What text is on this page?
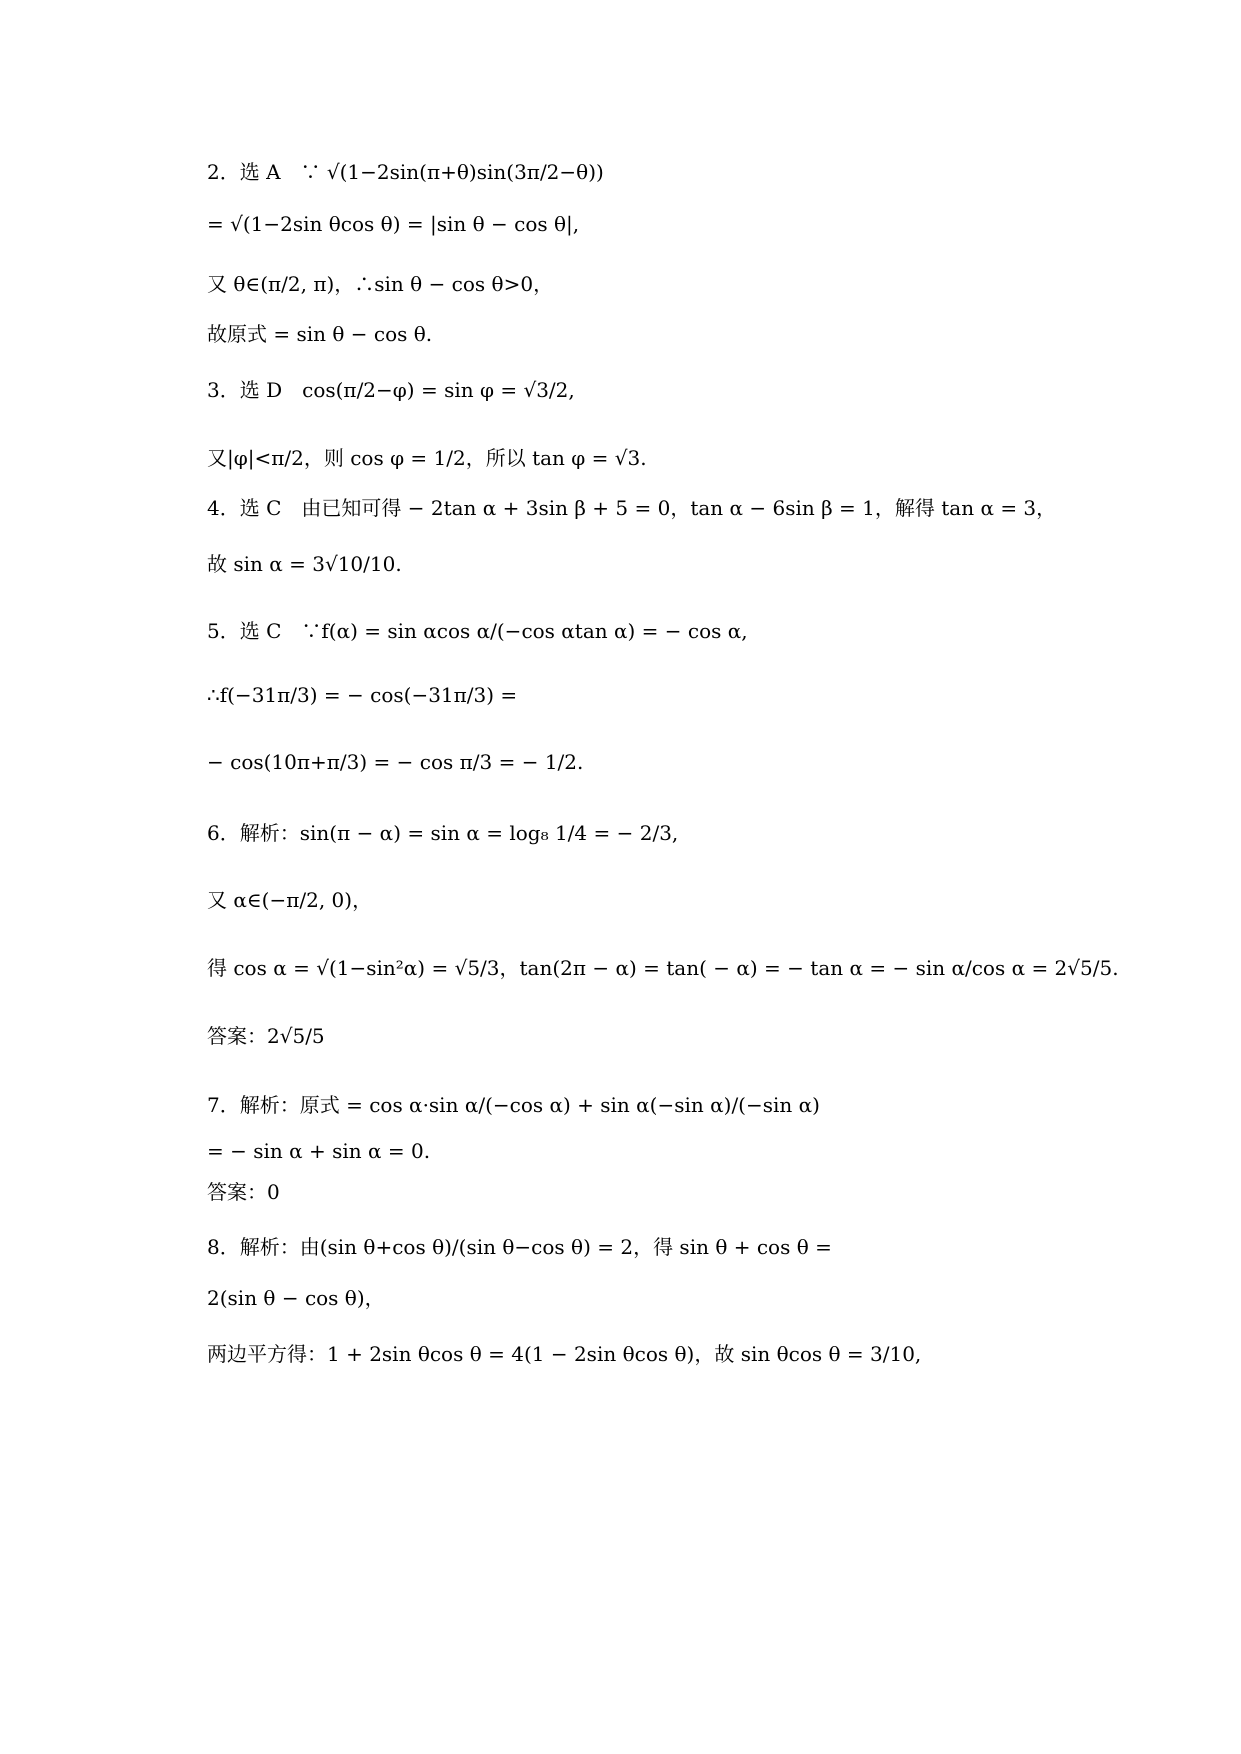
2．选 A　∵ √(1−2sin(π+θ)sin(3π/2−θ))
= √(1−2sin θcos θ) = |sin θ − cos θ|,
又 θ∈(π/2, π)，∴sin θ − cos θ>0，
故原式 = sin θ − cos θ.
3．选 D　cos(π/2−φ) = sin φ = √3/2,
又|φ|<π/2，则 cos φ = 1/2，所以 tan φ = √3.
4．选 C　由已知可得 − 2tan α + 3sin β + 5 = 0，tan α − 6sin β = 1，解得 tan α = 3，
故 sin α = 3√10/10.
5．选 C　∵f(α) = sin αcos α/(−cos αtan α) = − cos α,
∴f(−31π/3) = − cos(−31π/3) =
− cos(10π+π/3) = − cos π/3 = − 1/2.
6．解析：sin(π − α) = sin α = log₈ 1/4 = − 2/3,
又 α∈(−π/2, 0)，
得 cos α = √(1−sin²α) = √5/3，tan(2π − α) = tan( − α) = − tan α = − sin α/cos α = 2√5/5.
答案：2√5/5
7．解析：原式 = cos α·sin α/(−cos α) + sin α(−sin α)/(−sin α)
= − sin α + sin α = 0.
答案：0
8．解析：由(sin θ+cos θ)/(sin θ−cos θ) = 2，得 sin θ + cos θ =
2(sin θ − cos θ)，
两边平方得：1 + 2sin θcos θ = 4(1 − 2sin θcos θ)，故 sin θcos θ = 3/10,
